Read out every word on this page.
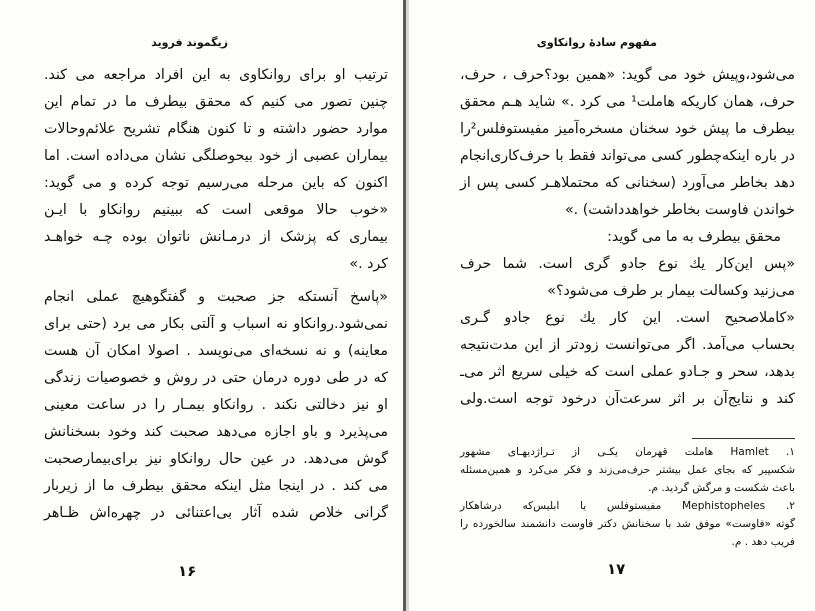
زیگموند فروید
ترتیب او برای روانکاوی به این افراد مراجعه می کند.
چنین تصور می کنیم که محقق بیطرف ما در تمام این
موارد حضور داشته و تا کنون هنگام تشریح علائم‌وحالات
بیماران عصبی از خود بیحوصلگی نشان می‌داده است. اما
اکنون که باین مرحله می‌رسیم توجه کرده و می گوید:
«خوب حالا موقعی است که ببینیم روانکاو با ایـن
بیماری که پزشک از درمـانش ناتوان بوده چـه خواهـد
کرد .»
«پاسخ آنستکه جز صحبت و گفتگوهیچ عملی انجام
نمی‌شود.روانکاو نه اسباب و آلتی بکار می برد (حتی برای
معاینه) و نه نسخه‌ای می‌نویسد . اصولا امکان آن هست
که در طی دوره درمان حتی در روش و خصوصیات زندگی
او نیز دخالتی نکند . روانکاو بیمـار را در ساعت معینی
می‌پذیرد و باو اجازه می‌دهد صحبت کند وخود بسخنانش
گوش می‌دهد. در عین حال روانکاو نیز برای‌بیمارصحبت
می کند . در اینجا مثل اینکه محقق بیطرف ما از زیربار
گرانی خلاص شده آثار بی‌اعتنائی در چهره‌اش ظـاهر
۱۶
مفهوم سادهٔ روانکاوی
می‌شود،وپیش خود می گوید: «همین بود؟حرف ، حرف،
حرف، همان کاریکه هاملت¹ می کرد .» شاید هـم محقق
بیطرف ما پیش خود سخنان مسخره‌آمیز مفیستوفلس²را
در باره اینکه‌چطور کسی می‌تواند فقط با حرف‌کاری‌انجام
دهد بخاطر می‌آورد (سخنانی که محتملاهـر کسی پس از
خواندن فاوست بخاطر خواهدداشت) .»
محقق بیطرف به ما می گوید:
«پس این‌کار یك نوع جادو گری است. شما حرف
می‌زنید وکسالت بیمار بر طرف می‌شود؟»
«کاملاصحیح است. این کار یك نوع جادو گـری
بحساب می‌آمد. اگر می‌توانست زودتر از این مدت‌نتیجه
بدهد، سحر و جـادو عملی است که خیلی سریع اثر می‌ـ
کند و نتایج‌آن بر اثر سرعت‌آن درخود توجه است.ولی
۱. Hamlet هاملت قهرمان یکـی از تـراژدیهـای مشهور
شکسپیر که بجای عمل بیشتر حرف‌می‌زند و فکر می‌کرد و همین‌مسئله
باعث شکست و مرگش گردید. م.
۲. Mephistopheles مفیستوفلس یا ابلیس‌که درشاهکار
گوته «فاوست» موفق شد با سخنانش دکتر فاوست دانشمند سالخورده را
فریب دهد . م.
۱۷
